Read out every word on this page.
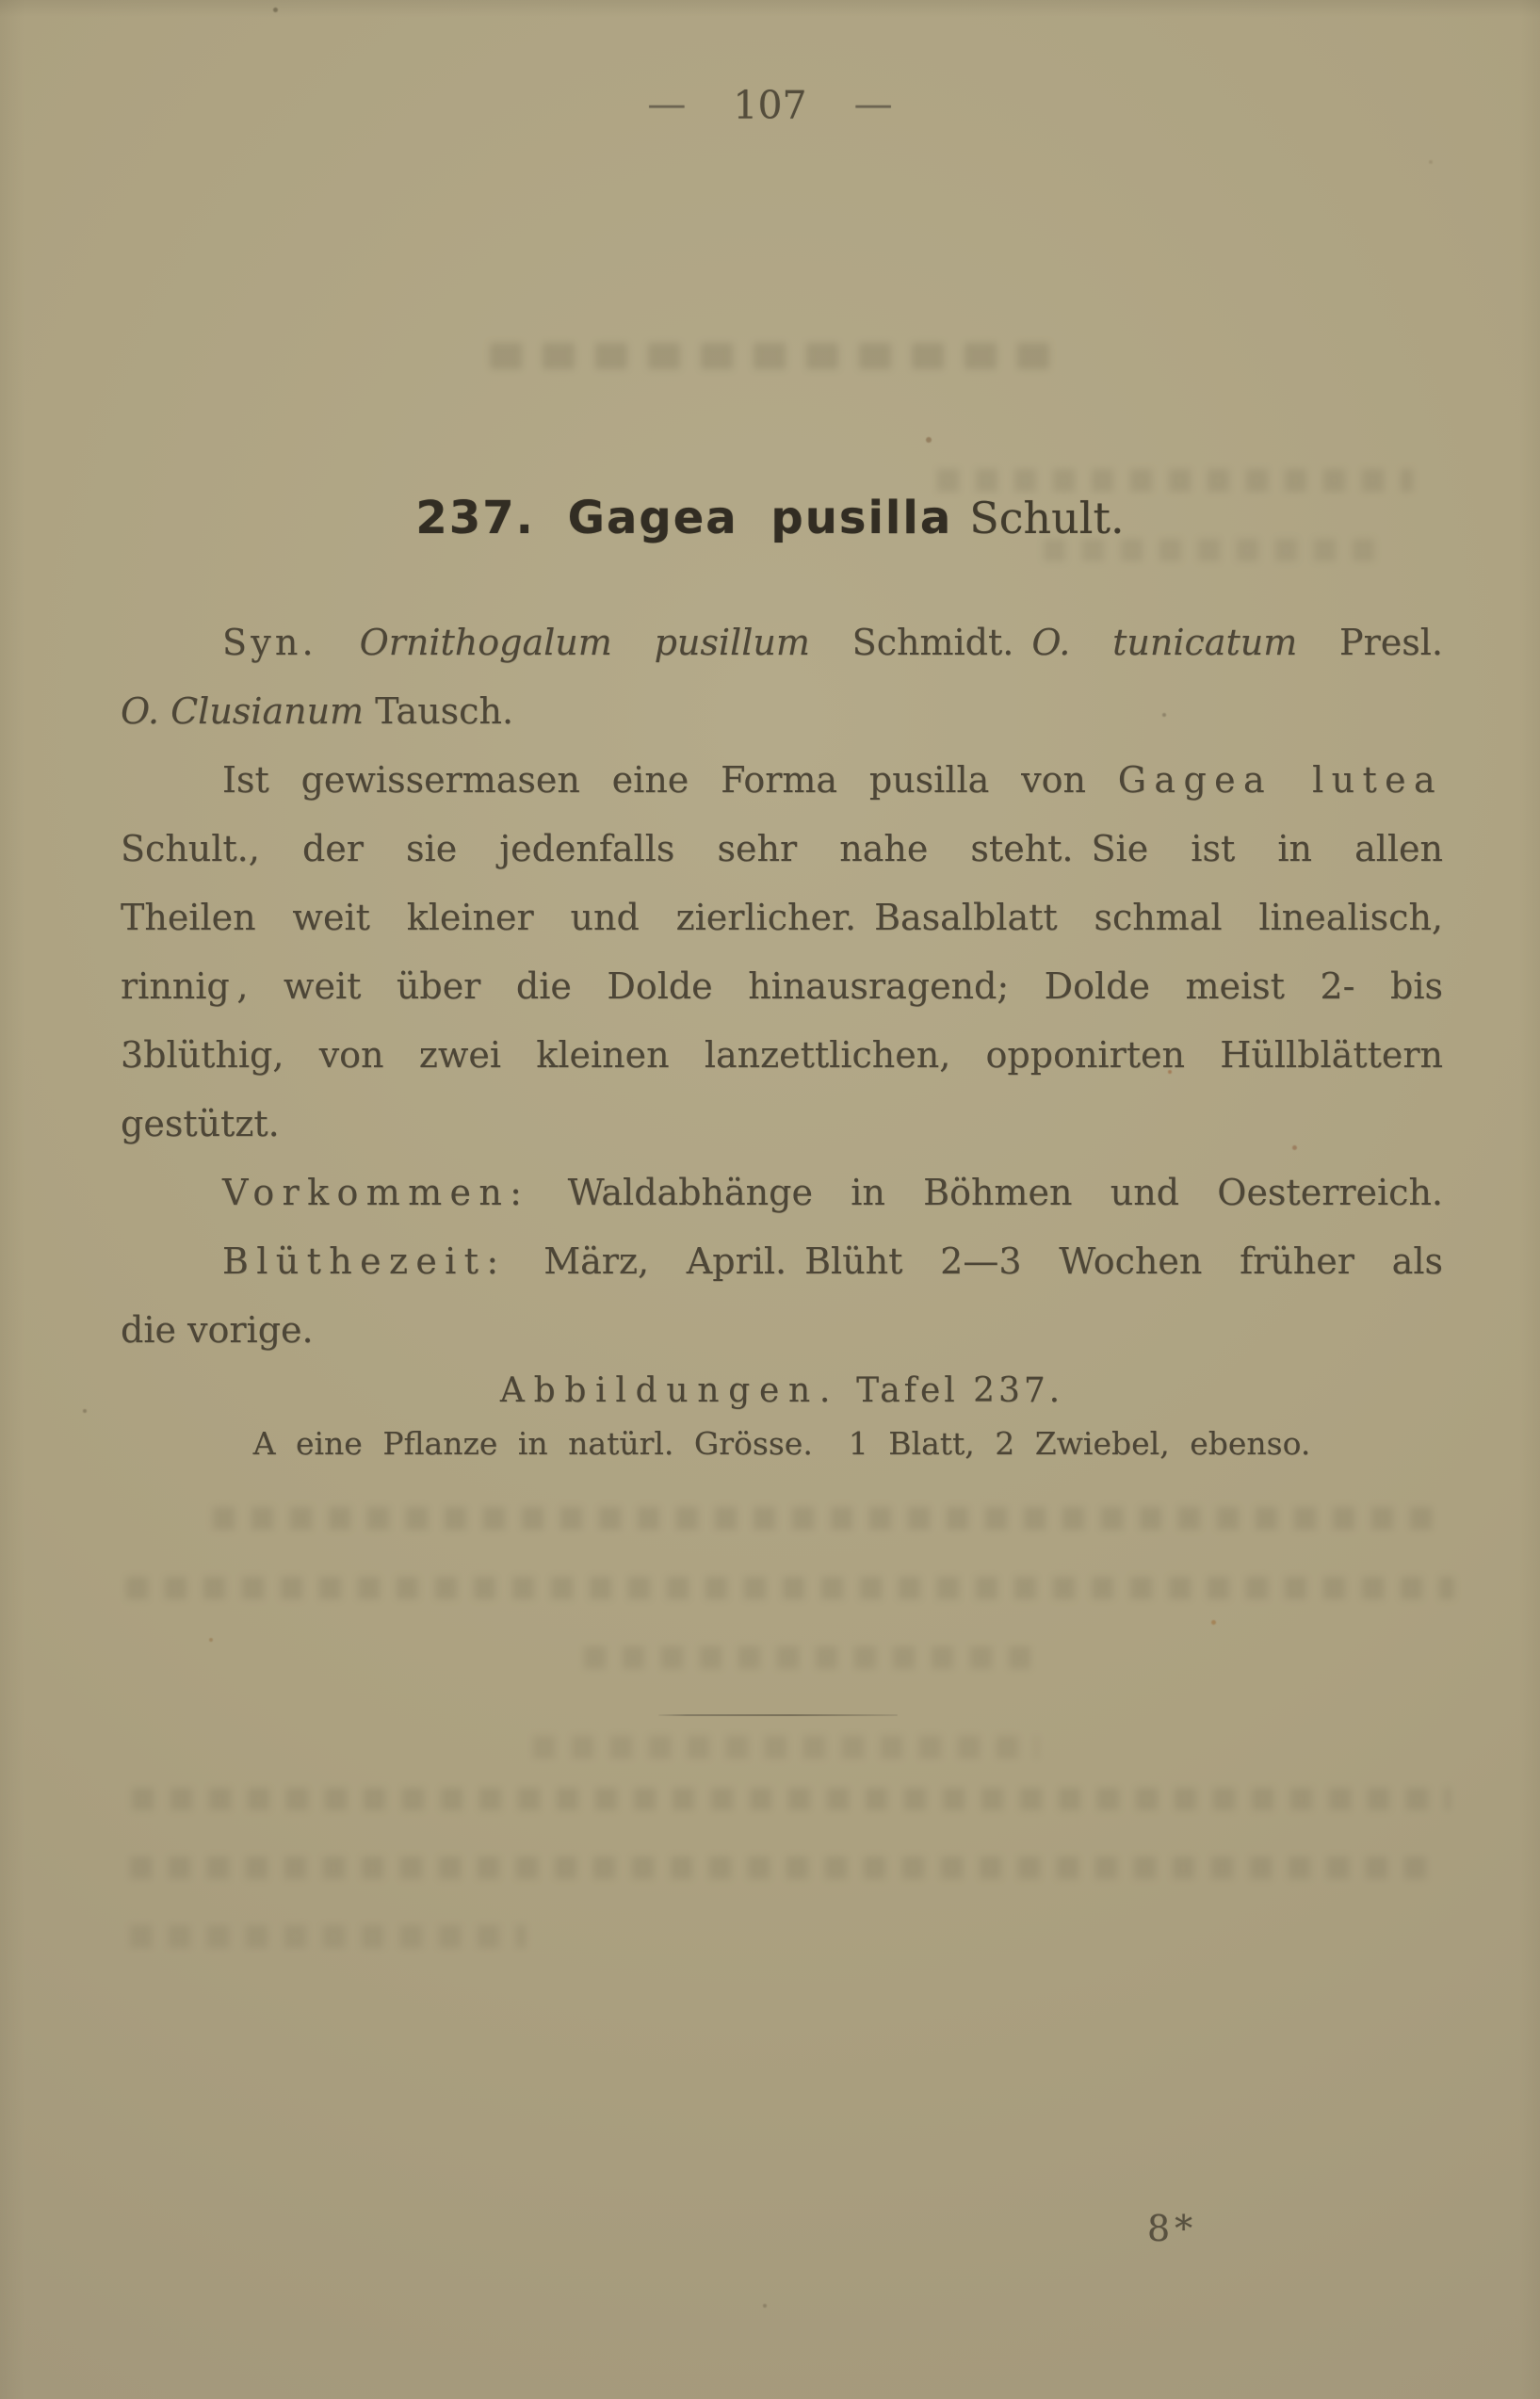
— 107 —
237. Gagea pusilla Schult.
Syn. Ornithogalum pusillum Schmidt. O. tunicatum Presl.
O. Clusianum Tausch.
Ist gewissermasen eine Forma pusilla von Gagea lutea
Schult., der sie jedenfalls sehr nahe steht. Sie ist in allen
Theilen weit kleiner und zierlicher. Basalblatt schmal linealisch,
rinnig , weit über die Dolde hinausragend; Dolde meist 2- bis
3blüthig, von zwei kleinen lanzettlichen, opponirten Hüllblättern
gestützt.
Vorkommen: Waldabhänge in Böhmen und Oesterreich.
Blüthezeit: März, April. Blüht 2—3 Wochen früher als
die vorige.
Abbildungen.  Tafel 237.
A eine Pflanze in natürl. Grösse.  1 Blatt, 2 Zwiebel, ebenso.
8*
